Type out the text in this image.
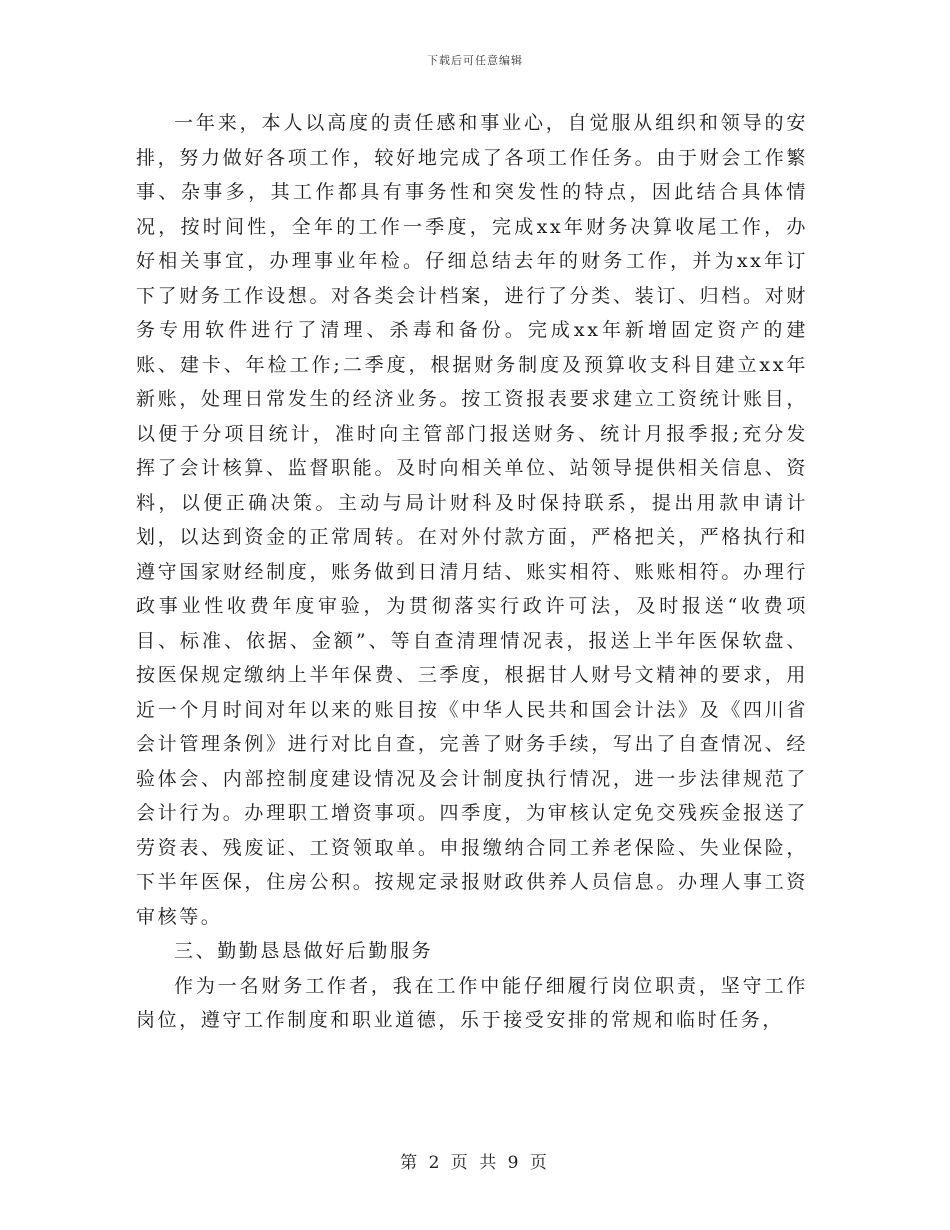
下载后可任意编辑

一年来，本人以高度的责任感和事业心，自觉服从组织和领导的安排，努力做好各项工作，较好地完成了各项工作任务。由于财会工作繁事、杂事多，其工作都具有事务性和突发性的特点，因此结合具体情况，按时间性，全年的工作一季度，完成xx年财务决算收尾工作，办好相关事宜，办理事业年检。仔细总结去年的财务工作，并为xx年订下了财务工作设想。对各类会计档案，进行了分类、装订、归档。对财务专用软件进行了清理、杀毒和备份。完成xx年新增固定资产的建账、建卡、年检工作;二季度，根据财务制度及预算收支科目建立xx年新账，处理日常发生的经济业务。按工资报表要求建立工资统计账目，以便于分项目统计，准时向主管部门报送财务、统计月报季报;充分发挥了会计核算、监督职能。及时向相关单位、站领导提供相关信息、资料，以便正确决策。主动与局计财科及时保持联系，提出用款申请计划，以达到资金的正常周转。在对外付款方面，严格把关，严格执行和遵守国家财经制度，账务做到日清月结、账实相符、账账相符。办理行政事业性收费年度审验，为贯彻落实行政许可法，及时报送“收费项目、标准、依据、金额”、等自查清理情况表，报送上半年医保软盘、按医保规定缴纳上半年保费、三季度，根据甘人财号文精神的要求，用近一个月时间对年以来的账目按《中华人民共和国会计法》及《四川省会计管理条例》进行对比自查，完善了财务手续，写出了自查情况、经验体会、内部控制度建设情况及会计制度执行情况，进一步法律规范了会计行为。办理职工增资事项。四季度，为审核认定免交残疾金报送了劳资表、残废证、工资领取单。申报缴纳合同工养老保险、失业保险，下半年医保，住房公积。按规定录报财政供养人员信息。办理人事工资审核等。

三、勤勤恳恳做好后勤服务

作为一名财务工作者，我在工作中能仔细履行岗位职责，坚守工作岗位，遵守工作制度和职业道德，乐于接受安排的常规和临时任务，

第 2 页 共 9 页
